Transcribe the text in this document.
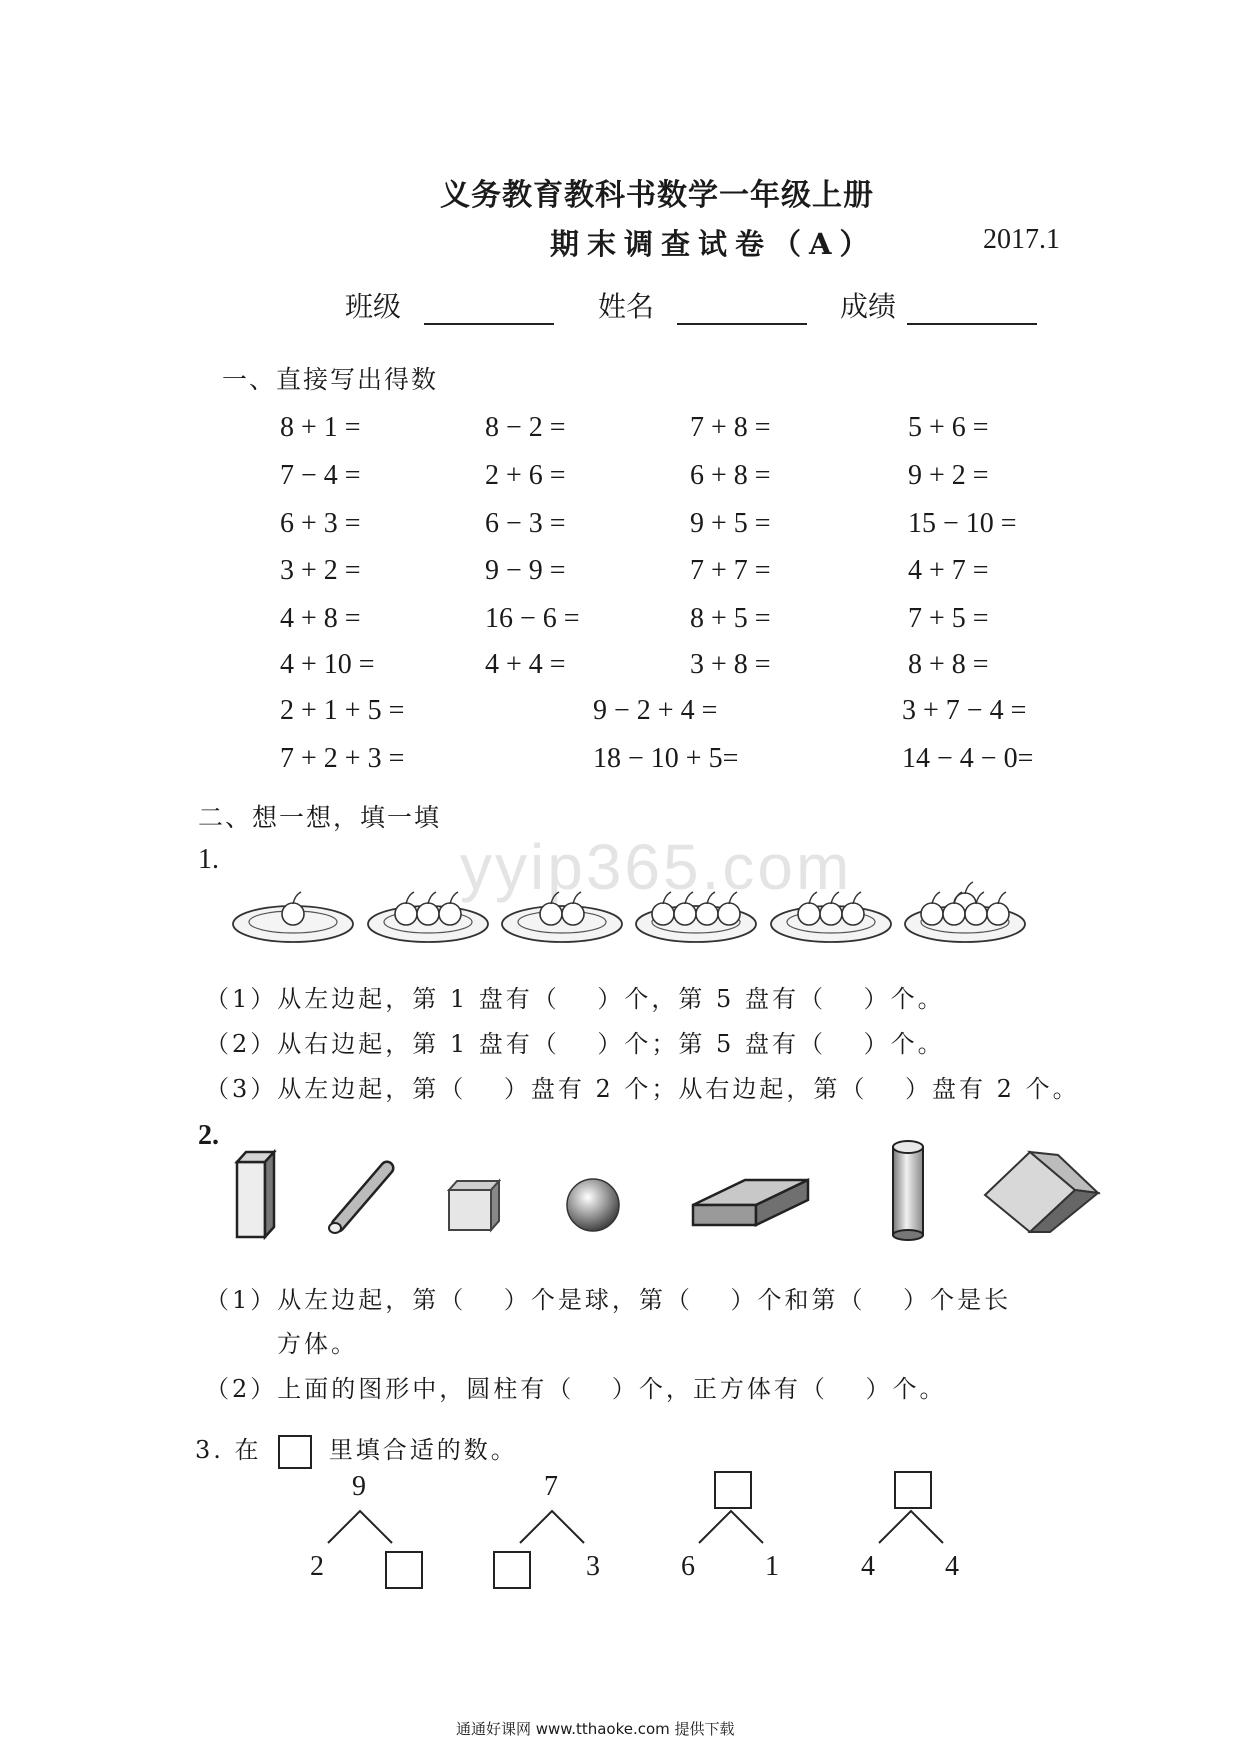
yyip365.com
义务教育教科书数学一年级上册
期末调查试卷（A）	2017.1
班级	姓名	成绩
一、直接写出得数
8 + 1 =	8 − 2 =	7 + 8 =	5 + 6 =
7 − 4 =	2 + 6 =	6 + 8 =	9 + 2 =
6 + 3 =	6 − 3 =	9 + 5 =	15 − 10 =
3 + 2 =	9 − 9 =	7 + 7 =	4 + 7 =
4 + 8 =	16 − 6 =	8 + 5 =	7 + 5 =
4 + 10 =	4 + 4 =	3 + 8 =	8 + 8 =
2 + 1 + 5 =	9 − 2 + 4 =	3 + 7 − 4 =
7 + 2 + 3 =	18 − 10 + 5=	14 − 4 − 0=
二、想一想，填一填
1.
（1）从左边起，第 1 盘有（　 ）个，第 5 盘有（　 ）个。
（2）从右边起，第 1 盘有（　 ）个；第 5 盘有（　 ）个。
（3）从左边起，第（　 ）盘有 2 个；从右边起，第（　 ）盘有 2 个。
2.
（1）从左边起，第（　 ）个是球，第（　 ）个和第（　 ）个是长
方体。
（2）上面的图形中，圆柱有（　 ）个，正方体有（　 ）个。
3. 在	里填合适的数。
9
2
7
3	6	1	4	4
通通好课网 www.tthaoke.com 提供下载
